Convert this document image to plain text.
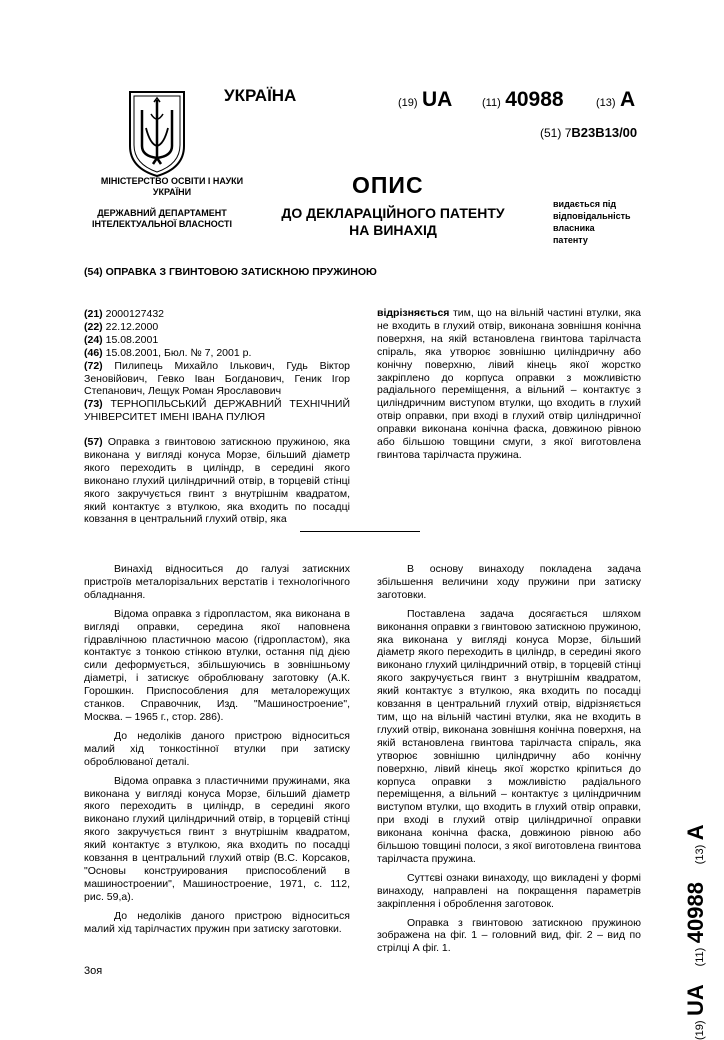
УКРАЇНА	(19) UA	(11) 40988	(13) A
(51) 7B23B13/00
МІНІСТЕРСТВО ОСВІТИ І НАУКИ УКРАЇНИ
ДЕРЖАВНИЙ ДЕПАРТАМЕНТ ІНТЕЛЕКТУАЛЬНОЇ ВЛАСНОСТІ
ОПИС
ДО ДЕКЛАРАЦІЙНОГО ПАТЕНТУ
НА ВИНАХІД
видається під
відповідальність
власника
патенту
(54) ОПРАВКА З ГВИНТОВОЮ ЗАТИСКНОЮ ПРУЖИНОЮ

(21) 2000127432

(22) 22.12.2000

(24) 15.08.2001

(46) 15.08.2001, Бюл. № 7, 2001 р.

(72) Пилипець Михайло Ількович, Гудь Віктор Зеновійович, Гевко Іван Богданович, Геник Ігор Степанович, Лещук Роман Ярославович

(73) ТЕРНОПІЛЬСЬКИЙ ДЕРЖАВНИЙ ТЕХНІЧНИЙ УНІВЕРСИТЕТ ІМЕНІ ІВАНА ПУЛЮЯ

(57) Оправка з гвинтовою затискною пружиною, яка виконана у вигляді конуса Морзе, більший діаметр якого переходить в циліндр, в середині якого виконано глухий циліндричний отвір, в торцевій стінці якого закручується гвинт з внутрішнім квадратом, який контактує з втулкою, яка входить по посадці ковзання в центральний глухий отвір, яка

відрізняється тим, що на вільній частині втулки, яка не входить в глухий отвір, виконана зовнішня конічна поверхня, на якій встановлена гвинтова тарілчаста спіраль, яка утворює зовнішню циліндричну або конічну поверхню, лівий кінець якої жорстко закріплено до корпуса оправки з можливістю радіального переміщення, а вільний – контактує з циліндричним виступом втулки, що входить в глухий отвір оправки, при вході в глухий отвір циліндричної оправки виконана конічна фаска, довжиною рівною або більшою товщини смуги, з якої виготовлена гвинтова тарілчаста пружина.

Винахід відноситься до галузі затискних пристроїв металорізальних верстатів і технологічного обладнання.

Відома оправка з гідропластом, яка виконана в вигляді оправки, середина якої наповнена гідравлічною пластичною масою (гідропластом), яка контактує з тонкою стінкою втулки, остання під дією сили деформується, збільшуючись в зовнішньому діаметрі, і затискує оброблювану заготовку (А.К. Горошкин. Приспособления для металорежущих станков. Справочник, Изд. "Машиностроение", Москва. – 1965 г., стор. 286).

До недоліків даного пристрою відноситься малий хід тонкостінної втулки при затиску оброблюваної деталі.

Відома оправка з пластичними пружинами, яка виконана у вигляді конуса Морзе, більший діаметр якого переходить в циліндр, в середині якого виконано глухий циліндричний отвір, в торцевій стінці якого закручується гвинт з внутрішнім квадратом, який контактує з втулкою, яка входить по посадці ковзання в центральний глухий отвір (В.С. Корсаков, "Основы конструирования приспособлений в машиностроении", Машиностроение, 1971, с. 112, рис. 59,а).

До недоліків даного пристрою відноситься малий хід тарілчастих пружин при затиску заготовки.

В основу винаходу покладена задача збільшення величини ходу пружини при затиску заготовки.

Поставлена задача досягається шляхом виконання оправки з гвинтовою затискною пружиною, яка виконана у вигляді конуса Морзе, більший діаметр якого переходить в циліндр, в середині якого виконано глухий циліндричний отвір, в торцевій стінці якого закручується гвинт з внутрішнім квадратом, який контактує з втулкою, яка входить по посадці ковзання в центральний глухий отвір, відрізняється тим, що на вільній частині втулки, яка не входить в глухий отвір, виконана зовнішня конічна поверхня, на якій встановлена гвинтова тарілчаста спіраль, яка утворює зовнішню циліндричну або конічну поверхню, лівий кінець якої жорстко кріпиться до корпуса оправки з можливістю радіального переміщення, а вільний – контактує з циліндричним виступом втулки, що входить в глухий отвір оправки, при вході в глухий отвір циліндричної оправки виконана конічна фаска, довжиною рівною або більшою товщині полоси, з якої виготовлена гвинтова тарілчаста пружина.

Суттєві ознаки винаходу, що викладені у формі винаходу, направлені на покращення параметрів закріплення і оброблення заготовок.

Оправка з гвинтовою затискною пружиною зображена на фіг. 1 – головний вид, фіг. 2 – вид по стрілці А фіг. 1.

(19) UA    (11) 40988    (13) A
3оя
